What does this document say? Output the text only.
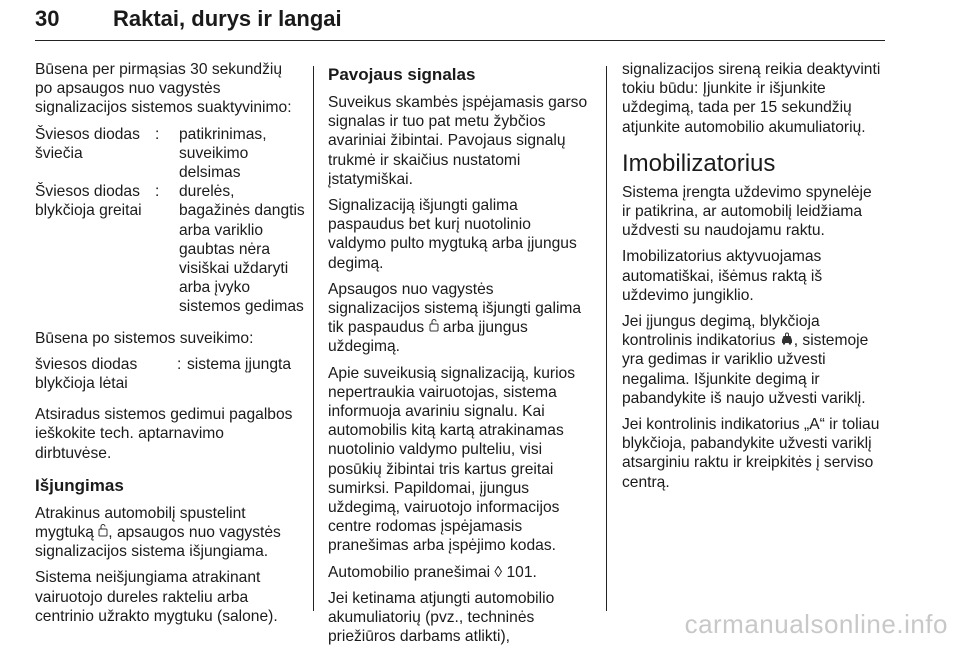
30 Raktai, durys ir langai

Būsena per pirmąsias 30 sekundžių
po apsaugos nuo vagystės
signalizacijos sistemos suaktyvinimo:

Šviesos diodas
šviečia
:	patikrinimas,
suveikimo
delsimas
Šviesos diodas
blykčioja greitai
:	durelės,
bagažinės dangtis
arba variklio
gaubtas nėra
visiškai uždaryti
arba įvyko
sistemos gedimas

Būsena po sistemos suveikimo:

šviesos diodas
blykčioja lėtai
: sistema įjungta

Atsiradus sistemos gedimui pagalbos
ieškokite tech. aptarnavimo
dirbtuvėse.

Išjungimas

Atrakinus automobilį spustelint
mygtuką , apsaugos nuo vagystės
signalizacijos sistema išjungiama.

Sistema neišjungiama atrakinant
vairuotojo dureles rakteliu arba
centrinio užrakto mygtuku (salone).

Pavojaus signalas

Suveikus skambės įspėjamasis garso
signalas ir tuo pat metu žybčios
avariniai žibintai. Pavojaus signalų
trukmė ir skaičius nustatomi
įstatymiškai.

Signalizaciją išjungti galima
paspaudus bet kurį nuotolinio
valdymo pulto mygtuką arba įjungus
degimą.

Apsaugos nuo vagystės
signalizacijos sistemą išjungti galima
tik paspaudus  arba įjungus
uždegimą.

Apie suveikusią signalizaciją, kurios
nepertraukia vairuotojas, sistema
informuoja avariniu signalu. Kai
automobilis kitą kartą atrakinamas
nuotolinio valdymo pulteliu, visi
posūkių žibintai tris kartus greitai
sumirksi. Papildomai, įjungus
uždegimą, vairuotojo informacijos
centre rodomas įspėjamasis
pranešimas arba įspėjimo kodas.

Automobilio pranešimai ◊ 101.

Jei ketinama atjungti automobilio
akumuliatorių (pvz., techninės
priežiūros darbams atlikti),

signalizacijos sireną reikia deaktyvinti
tokiu būdu: Įjunkite ir išjunkite
uždegimą, tada per 15 sekundžių
atjunkite automobilio akumuliatorių.

Imobilizatorius

Sistema įrengta uždevimo spynelėje
ir patikrina, ar automobilį leidžiama
uždvesti su naudojamu raktu.

Imobilizatorius aktyvuojamas
automatiškai, išėmus raktą iš
uždevimo jungiklio.

Jei įjungus degimą, blykčioja
kontrolinis indikatorius , sistemoje
yra gedimas ir variklio užvesti
negalima. Išjunkite degimą ir
pabandykite iš naujo užvesti variklį.

Jei kontrolinis indikatorius „A“ ir toliau
blykčioja, pabandykite užvesti variklį
atsarginiu raktu ir kreipkitės į serviso
centrą.

carmanualsonline.info
